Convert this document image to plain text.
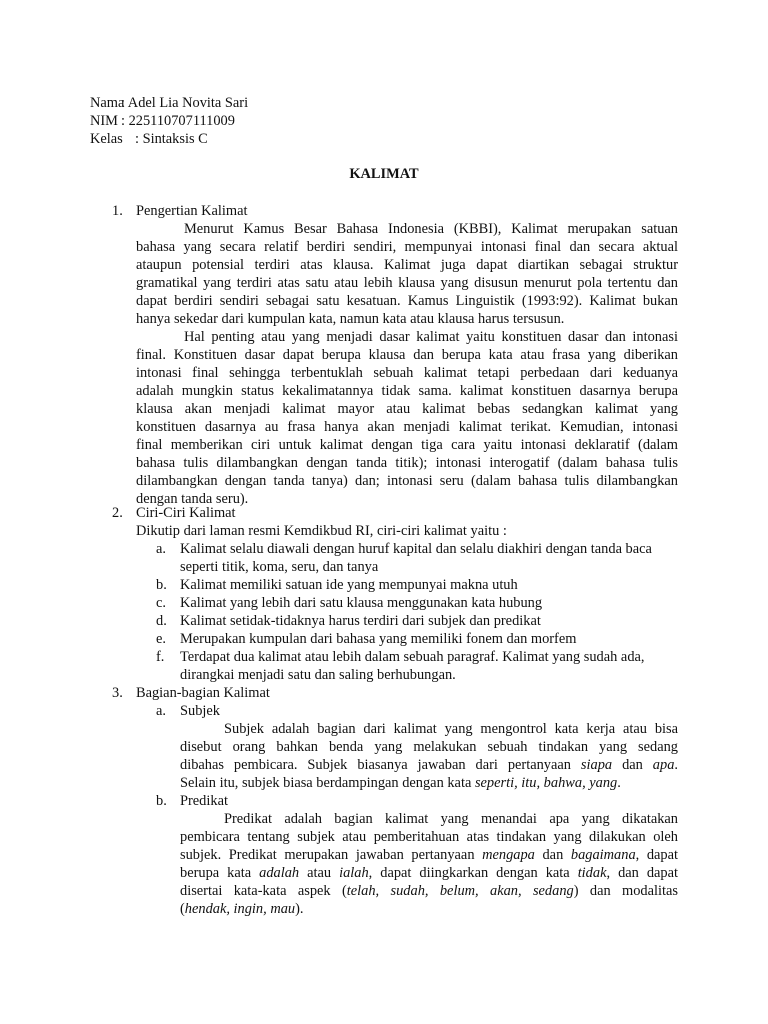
Nama
: Adel Lia Novita Sari
NIM : 225110707111009
Kelas : Sintaksis C
KALIMAT
1. Pengertian Kalimat
Menurut Kamus Besar Bahasa Indonesia (KBBI), Kalimat merupakan satuan
bahasa yang secara relatif berdiri sendiri, mempunyai intonasi final dan secara aktual
ataupun potensial terdiri atas klausa. Kalimat juga dapat diartikan sebagai struktur
gramatikal yang terdiri atas satu atau lebih klausa yang disusun menurut pola tertentu dan
dapat berdiri sendiri sebagai satu kesatuan. Kamus Linguistik (1993:92). Kalimat bukan
hanya sekedar dari kumpulan kata, namun kata atau klausa harus tersusun.
Hal penting atau yang menjadi dasar kalimat yaitu konstituen dasar dan intonasi
final. Konstituen dasar dapat berupa klausa dan berupa kata atau frasa yang diberikan
intonasi final sehingga terbentuklah sebuah kalimat tetapi perbedaan dari keduanya
adalah mungkin status kekalimatannya tidak sama. kalimat konstituen dasarnya berupa
klausa akan menjadi kalimat mayor atau kalimat bebas sedangkan kalimat yang
konstituen dasarnya au frasa hanya akan menjadi kalimat terikat. Kemudian, intonasi
final memberikan ciri untuk kalimat dengan tiga cara yaitu intonasi deklaratif (dalam
bahasa tulis dilambangkan dengan tanda titik); intonasi interogatif (dalam bahasa tulis
dilambangkan dengan tanda tanya) dan; intonasi seru (dalam bahasa tulis dilambangkan
dengan tanda seru).
2. Ciri-Ciri Kalimat
Dikutip dari laman resmi Kemdikbud RI, ciri-ciri kalimat yaitu :
a. Kalimat selalu diawali dengan huruf kapital dan selalu diakhiri dengan tanda baca
seperti titik, koma, seru, dan tanya
b. Kalimat memiliki satuan ide yang mempunyai makna utuh
c. Kalimat yang lebih dari satu klausa menggunakan kata hubung
d. Kalimat setidak-tidaknya harus terdiri dari subjek dan predikat
e. Merupakan kumpulan dari bahasa yang memiliki fonem dan morfem
f. Terdapat dua kalimat atau lebih dalam sebuah paragraf. Kalimat yang sudah ada,
dirangkai menjadi satu dan saling berhubungan.
3. Bagian-bagian Kalimat
a. Subjek
Subjek adalah bagian dari kalimat yang mengontrol kata kerja atau bisa
disebut orang bahkan benda yang melakukan sebuah tindakan yang sedang
dibahas pembicara. Subjek biasanya jawaban dari pertanyaan siapa dan apa.
Selain itu, subjek biasa berdampingan dengan kata seperti, itu, bahwa, yang.
b. Predikat
Predikat adalah bagian kalimat yang menandai apa yang dikatakan
pembicara tentang subjek atau pemberitahuan atas tindakan yang dilakukan oleh
subjek. Predikat merupakan jawaban pertanyaan mengapa dan bagaimana, dapat
berupa kata adalah atau ialah, dapat diingkarkan dengan kata tidak, dan dapat
disertai kata-kata aspek (telah, sudah, belum, akan, sedang) dan modalitas
(hendak, ingin, mau).
